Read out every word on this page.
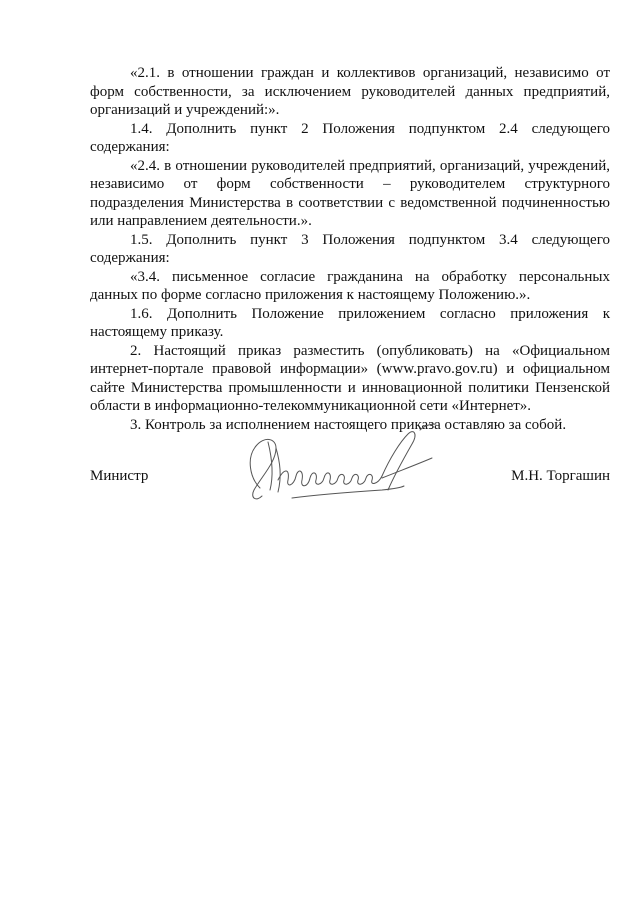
«2.1. в отношении граждан и коллективов организаций, независимо от форм собственности, за исключением руководителей данных предприятий, организаций и учреждений:».

1.4. Дополнить пункт 2 Положения подпунктом 2.4 следующего содержания:

«2.4. в отношении руководителей предприятий, организаций, учреждений, независимо от форм собственности – руководителем структурного подразделения Министерства в соответствии с ведомственной подчиненностью или направлением деятельности.».

1.5. Дополнить пункт 3 Положения подпунктом 3.4 следующего содержания:

«3.4. письменное согласие гражданина на обработку персональных данных по форме согласно приложения к настоящему Положению.».

1.6. Дополнить Положение приложением согласно приложения к настоящему приказу.

2. Настоящий приказ разместить (опубликовать) на «Официальном интернет-портале правовой информации» (www.pravo.gov.ru) и официальном сайте Министерства промышленности и инновационной политики Пензенской области в информационно-телекоммуникационной сети «Интернет».

3. Контроль за исполнением настоящего приказа оставляю за собой.

Министр	М.Н. Торгашин
